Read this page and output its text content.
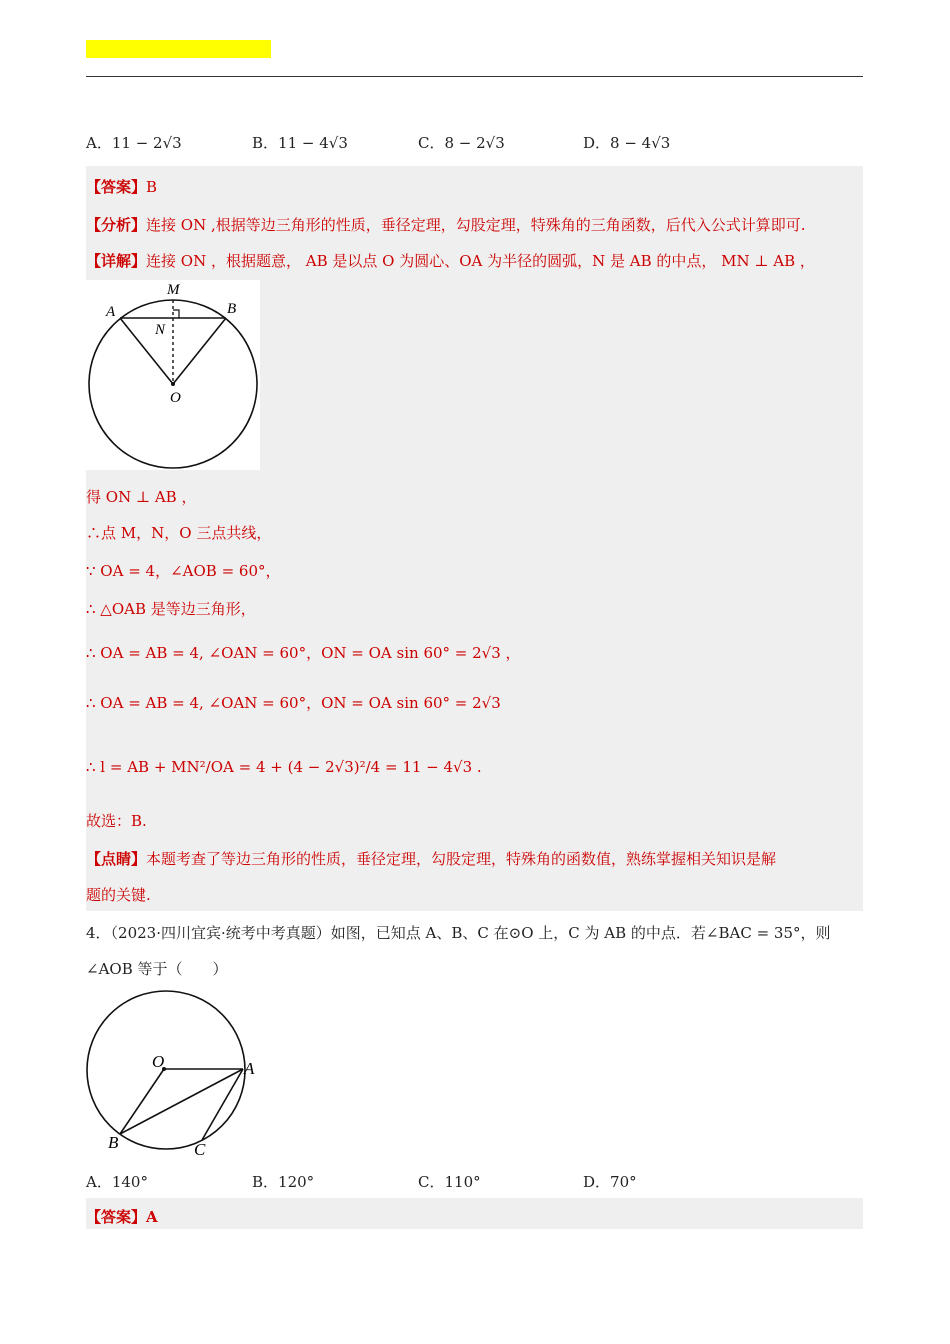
A．11 − 2√3	B．11 − 4√3	C．8 − 2√3	D．8 − 4√3
【答案】B
【分析】连接 ON ,根据等边三角形的性质，垂径定理，勾股定理，特殊角的三角函数，后代入公式计算即可.
【详解】连接 ON ，根据题意， AB 是以点 O 为圆心、OA 为半径的圆弧，N 是 AB 的中点， MN ⊥ AB ，
M
A	B
N
O
得 ON ⊥ AB ，
∴点 M，N，O 三点共线，
∵ OA = 4，∠AOB = 60°，
∴ △OAB 是等边三角形，
∴ OA = AB = 4, ∠OAN = 60°，ON = OA sin 60° = 2√3 ，
∴ OA = AB = 4, ∠OAN = 60°，ON = OA sin 60° = 2√3
∴ l = AB + MN²/OA = 4 + (4 − 2√3)²/4 = 11 − 4√3 .
故选：B.
【点睛】本题考查了等边三角形的性质，垂径定理，勾股定理，特殊角的函数值，熟练掌握相关知识是解
题的关键.
4．（2023·四川宜宾·统考中考真题）如图，已知点 A、B、C 在⊙O 上，C 为 AB 的中点．若∠BAC = 35°，则
∠AOB 等于（　　）
O	A
B	C
A．140°	B．120°	C．110°	D．70°
【答案】A
